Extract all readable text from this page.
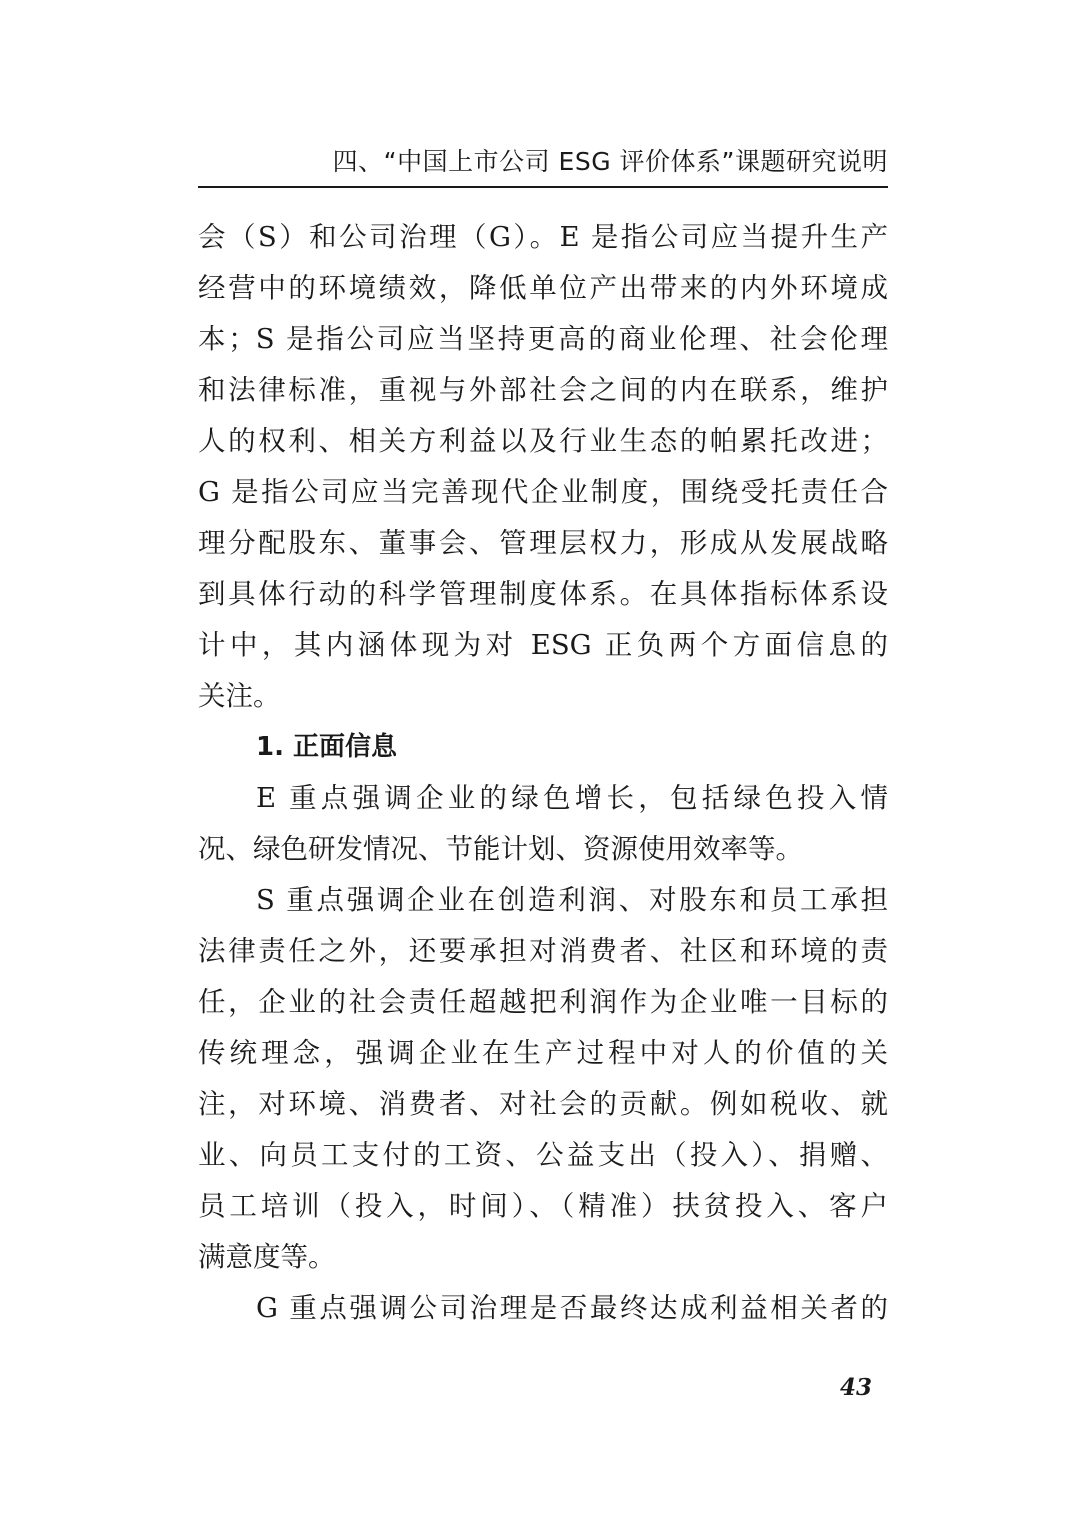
四、“中国上市公司 ESG 评价体系”课题研究说明
会（S）和公司治理（G）。E 是指公司应当提升生产
经营中的环境绩效，降低单位产出带来的内外环境成
本；S 是指公司应当坚持更高的商业伦理、社会伦理
和法律标准，重视与外部社会之间的内在联系，维护
人的权利、相关方利益以及行业生态的帕累托改进；
G 是指公司应当完善现代企业制度，围绕受托责任合
理分配股东、董事会、管理层权力，形成从发展战略
到具体行动的科学管理制度体系。在具体指标体系设
计中，其内涵体现为对 ESG 正负两个方面信息的
关注。
1. 正面信息
E 重点强调企业的绿色增长，包括绿色投入情
况、绿色研发情况、节能计划、资源使用效率等。
S 重点强调企业在创造利润、对股东和员工承担
法律责任之外，还要承担对消费者、社区和环境的责
任，企业的社会责任超越把利润作为企业唯一目标的
传统理念，强调企业在生产过程中对人的价值的关
注，对环境、消费者、对社会的贡献。例如税收、就
业、向员工支付的工资、公益支出（投入）、捐赠、
员工培训（投入，时间）、（精准）扶贫投入、客户
满意度等。
G 重点强调公司治理是否最终达成利益相关者的
43
